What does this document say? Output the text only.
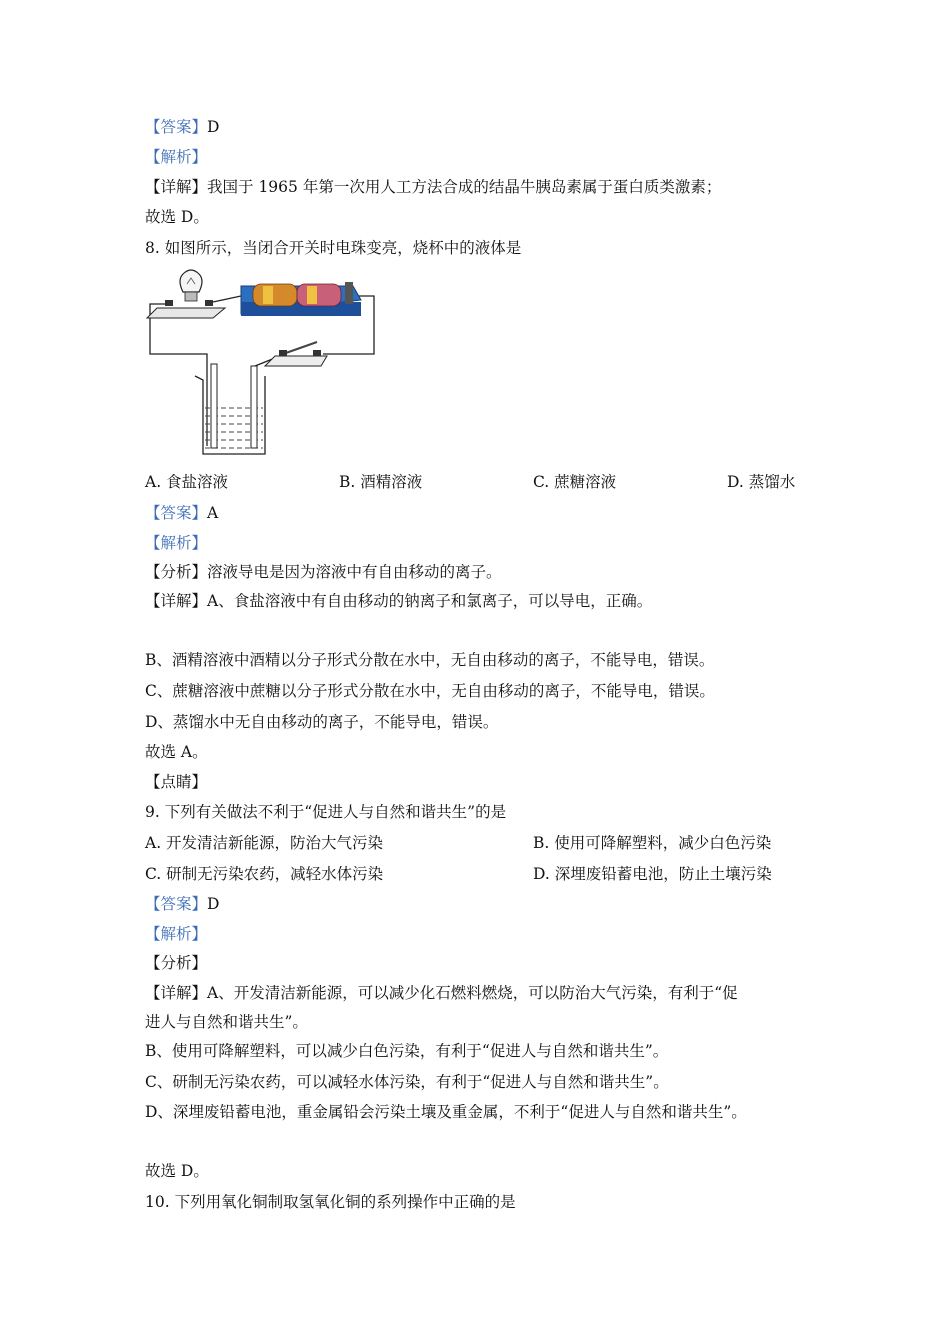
【答案】D
【解析】
【详解】我国于 1965 年第一次用人工方法合成的结晶牛胰岛素属于蛋白质类激素；
故选 D。
8. 如图所示，当闭合开关时电珠变亮，烧杯中的液体是
A. 食盐溶液	B. 酒精溶液	C. 蔗糖溶液	D. 蒸馏水
【答案】A
【解析】
【分析】溶液导电是因为溶液中有自由移动的离子。
【详解】A、食盐溶液中有自由移动的钠离子和氯离子，可以导电，正确。
B、酒精溶液中酒精以分子形式分散在水中，无自由移动的离子，不能导电，错误。
C、蔗糖溶液中蔗糖以分子形式分散在水中，无自由移动的离子，不能导电，错误。
D、蒸馏水中无自由移动的离子，不能导电，错误。
故选 A。
【点睛】
9. 下列有关做法不利于“促进人与自然和谐共生”的是
A. 开发清洁新能源，防治大气污染	B. 使用可降解塑料，减少白色污染
C. 研制无污染农药，减轻水体污染	D. 深埋废铅蓄电池，防止土壤污染
【答案】D
【解析】
【分析】
【详解】A、开发清洁新能源，可以减少化石燃料燃烧，可以防治大气污染，有利于“促
进人与自然和谐共生”。
B、使用可降解塑料，可以减少白色污染，有利于“促进人与自然和谐共生”。
C、研制无污染农药，可以减轻水体污染，有利于“促进人与自然和谐共生”。
D、深埋废铅蓄电池，重金属铅会污染土壤及重金属，不利于“促进人与自然和谐共生”。
故选 D。
10. 下列用氧化铜制取氢氧化铜的系列操作中正确的是
